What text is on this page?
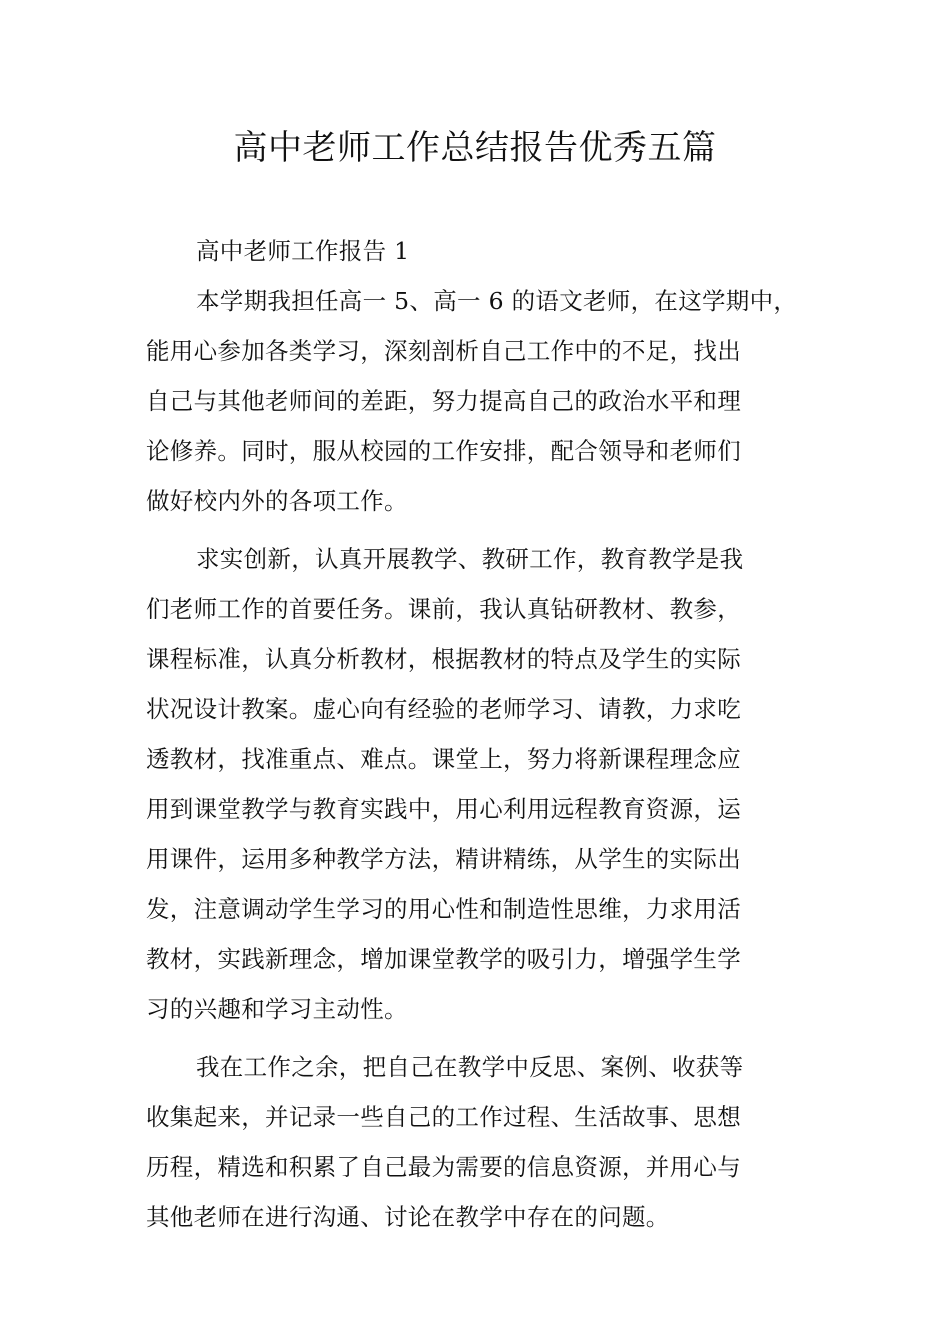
高中老师工作总结报告优秀五篇
高中老师工作报告 1
本学期我担任高一 5、高一 6 的语文老师，在这学期中，
能用心参加各类学习，深刻剖析自己工作中的不足，找出
自己与其他老师间的差距，努力提高自己的政治水平和理
论修养。同时，服从校园的工作安排，配合领导和老师们
做好校内外的各项工作。
求实创新，认真开展教学、教研工作，教育教学是我
们老师工作的首要任务。课前，我认真钻研教材、教参，
课程标准，认真分析教材，根据教材的特点及学生的实际
状况设计教案。虚心向有经验的老师学习、请教，力求吃
透教材，找准重点、难点。课堂上，努力将新课程理念应
用到课堂教学与教育实践中，用心利用远程教育资源，运
用课件，运用多种教学方法，精讲精练，从学生的实际出
发，注意调动学生学习的用心性和制造性思维，力求用活
教材，实践新理念，增加课堂教学的吸引力，增强学生学
习的兴趣和学习主动性。
我在工作之余，把自己在教学中反思、案例、收获等
收集起来，并记录一些自己的工作过程、生活故事、思想
历程，精选和积累了自己最为需要的信息资源，并用心与
其他老师在进行沟通、讨论在教学中存在的问题。
